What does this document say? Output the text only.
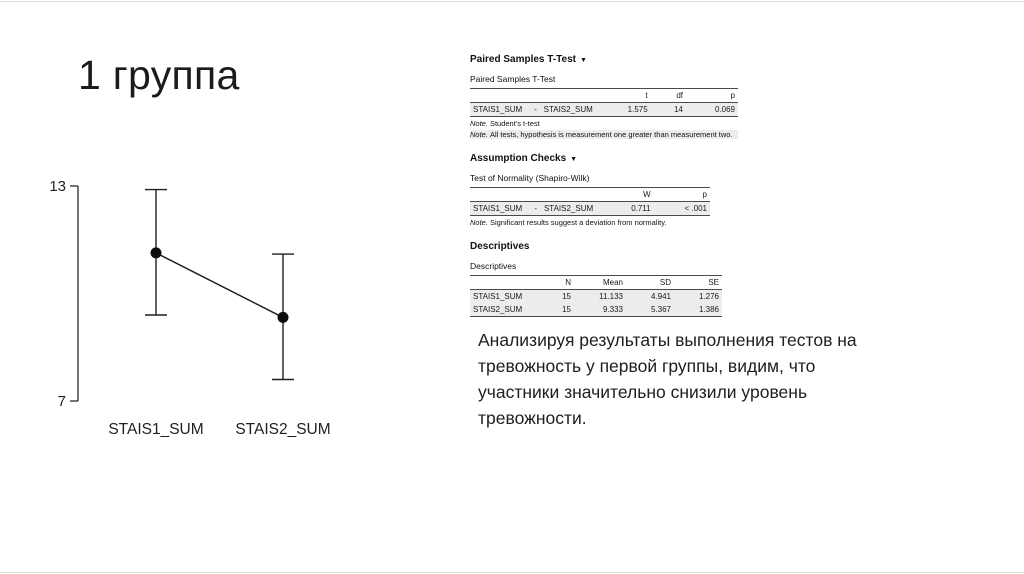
1 группа
13
7
STAIS1_SUM STAIS2_SUM
Paired Samples T-Test ▼
Paired Samples T-Test
			t	df	p
STAIS1_SUM	-	STAIS2_SUM	1.575	14	0.069
Note. Student's t-test
Note. All tests, hypothesis is measurement one greater than measurement two.
Assumption Checks ▼
Test of Normality (Shapiro-Wilk)
			W	p
STAIS1_SUM	-	STAIS2_SUM	0.711	< .001
Note. Significant results suggest a deviation from normality.
Descriptives
Descriptives
	N	Mean	SD	SE
STAIS1_SUM	15	11.133	4.941	1.276
STAIS2_SUM	15	9.333	5.367	1.386
Анализируя результаты выполнения тестов на тревожность у первой группы, видим, что участники значительно снизили уровень тревожности.
